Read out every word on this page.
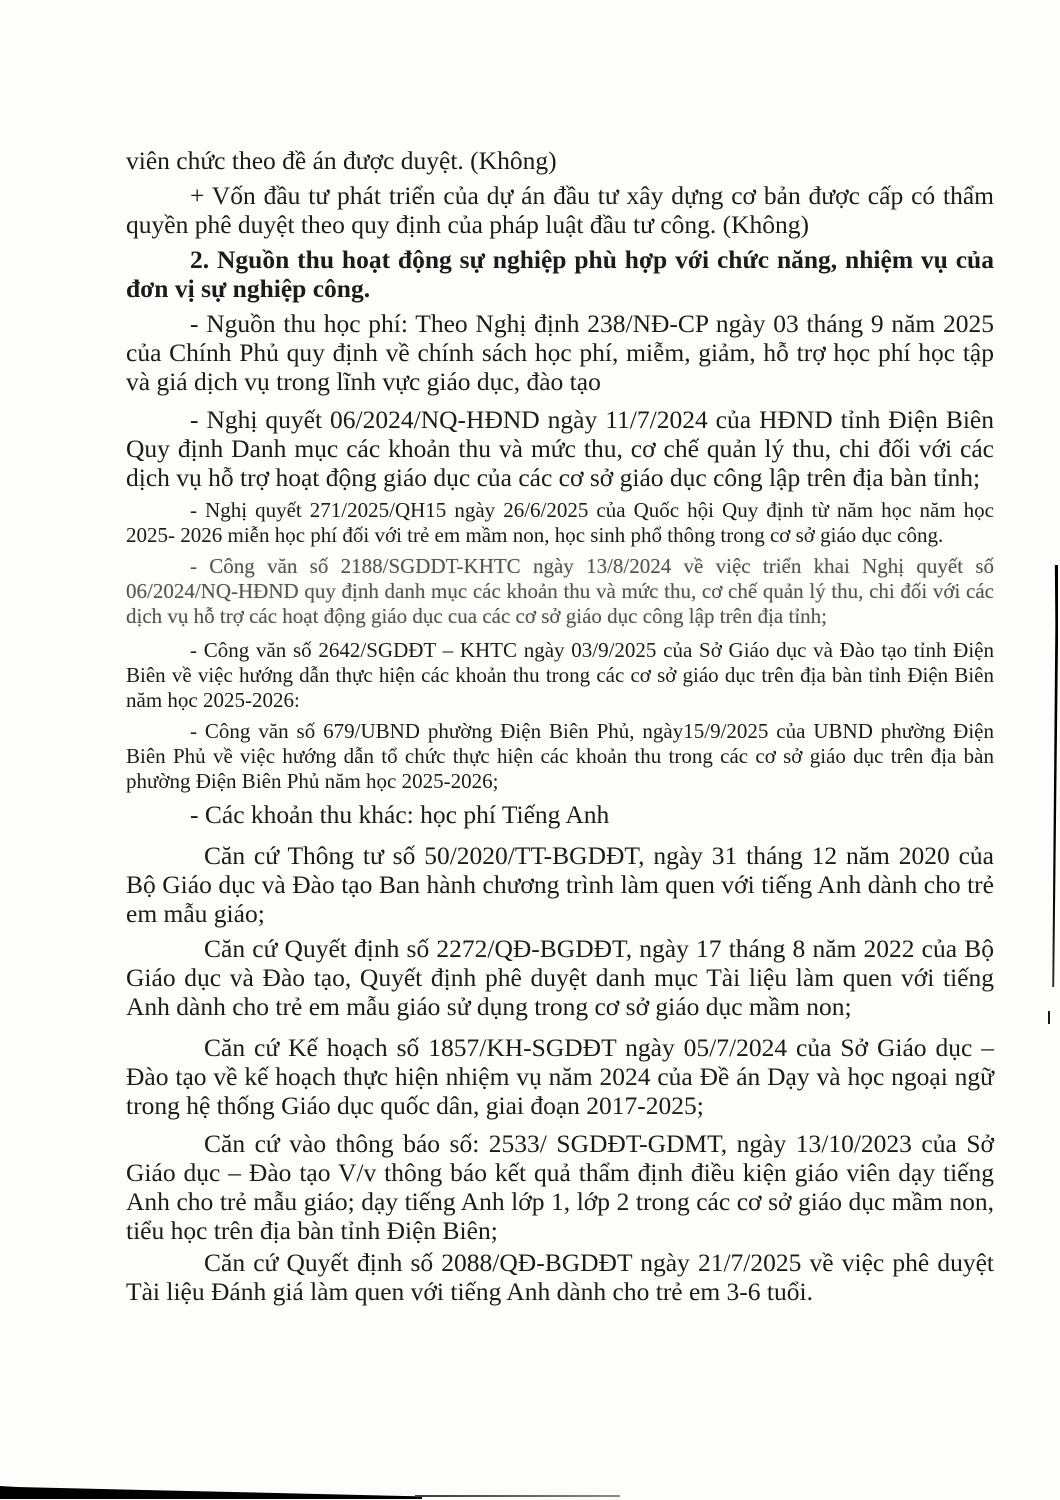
viên chức theo đề án được duyệt. (Không)

+ Vốn đầu tư phát triển của dự án đầu tư xây dựng cơ bản được cấp có thẩm quyền phê duyệt theo quy định của pháp luật đầu tư công. (Không)

2. Nguồn thu hoạt động sự nghiệp phù hợp với chức năng, nhiệm vụ của đơn vị sự nghiệp công.

- Nguồn thu học phí: Theo Nghị định 238/NĐ-CP ngày 03 tháng 9 năm 2025 của Chính Phủ quy định về chính sách học phí, miễm, giảm, hỗ trợ học phí học tập và giá dịch vụ trong lĩnh vực giáo dục, đào tạo

- Nghị quyết 06/2024/NQ-HĐND ngày 11/7/2024 của HĐND tỉnh Điện Biên Quy định Danh mục các khoản thu và mức thu, cơ chế quản lý thu, chi đối với các dịch vụ hỗ trợ hoạt động giáo dục của các cơ sở giáo dục công lập trên địa bàn tỉnh;

- Nghị quyết 271/2025/QH15 ngày 26/6/2025 của Quốc hội Quy định từ năm học năm học 2025- 2026 miễn học phí đối với trẻ em mầm non, học sinh phổ thông trong cơ sở giáo dục công.

- Công văn số 2188/SGDDT-KHTC ngày 13/8/2024 về việc triển khai Nghị quyết số 06/2024/NQ-HĐND quy định danh mục các khoản thu và mức thu, cơ chế quản lý thu, chi đối với các dịch vụ hỗ trợ các hoạt động giáo dục cua các cơ sở giáo dục công lập trên địa tỉnh;

- Công văn số 2642/SGDĐT – KHTC ngày 03/9/2025 của Sở Giáo dục và Đào tạo tỉnh Điện Biên về việc hướng dẫn thực hiện các khoản thu trong các cơ sở giáo dục trên địa bàn tỉnh Điện Biên năm học 2025-2026:

- Công văn số 679/UBND phường Điện Biên Phủ, ngày15/9/2025 của UBND phường Điện Biên Phủ về việc hướng dẫn tổ chức thực hiện các khoản thu trong các cơ sở giáo dục trên địa bàn phường Điện Biên Phủ năm học 2025-2026;

- Các khoản thu khác: học phí Tiếng Anh

Căn cứ Thông tư số 50/2020/TT-BGDĐT, ngày 31 tháng 12 năm 2020 của Bộ Giáo dục và Đào tạo Ban hành chương trình làm quen với tiếng Anh dành cho trẻ em mẫu giáo;

Căn cứ Quyết định số 2272/QĐ-BGDĐT, ngày 17 tháng 8 năm 2022 của Bộ Giáo dục và Đào tạo, Quyết định phê duyệt danh mục Tài liệu làm quen với tiếng Anh dành cho trẻ em mẫu giáo sử dụng trong cơ sở giáo dục mầm non;

Căn cứ Kế hoạch số 1857/KH-SGDĐT ngày 05/7/2024 của Sở Giáo dục – Đào tạo về kế hoạch thực hiện nhiệm vụ năm 2024 của Đề án Dạy và học ngoại ngữ trong hệ thống Giáo dục quốc dân, giai đoạn 2017-2025;

Căn cứ vào thông báo số: 2533/ SGDĐT-GDMT, ngày 13/10/2023 của Sở Giáo dục – Đào tạo V/v thông báo kết quả thẩm định điều kiện giáo viên dạy tiếng Anh cho trẻ mẫu giáo; dạy tiếng Anh lớp 1, lớp 2 trong các cơ sở giáo dục mầm non, tiểu học trên địa bàn tỉnh Điện Biên;

Căn cứ Quyết định số 2088/QĐ-BGDĐT ngày 21/7/2025 về việc phê duyệt Tài liệu Đánh giá làm quen với tiếng Anh dành cho trẻ em 3-6 tuổi.
